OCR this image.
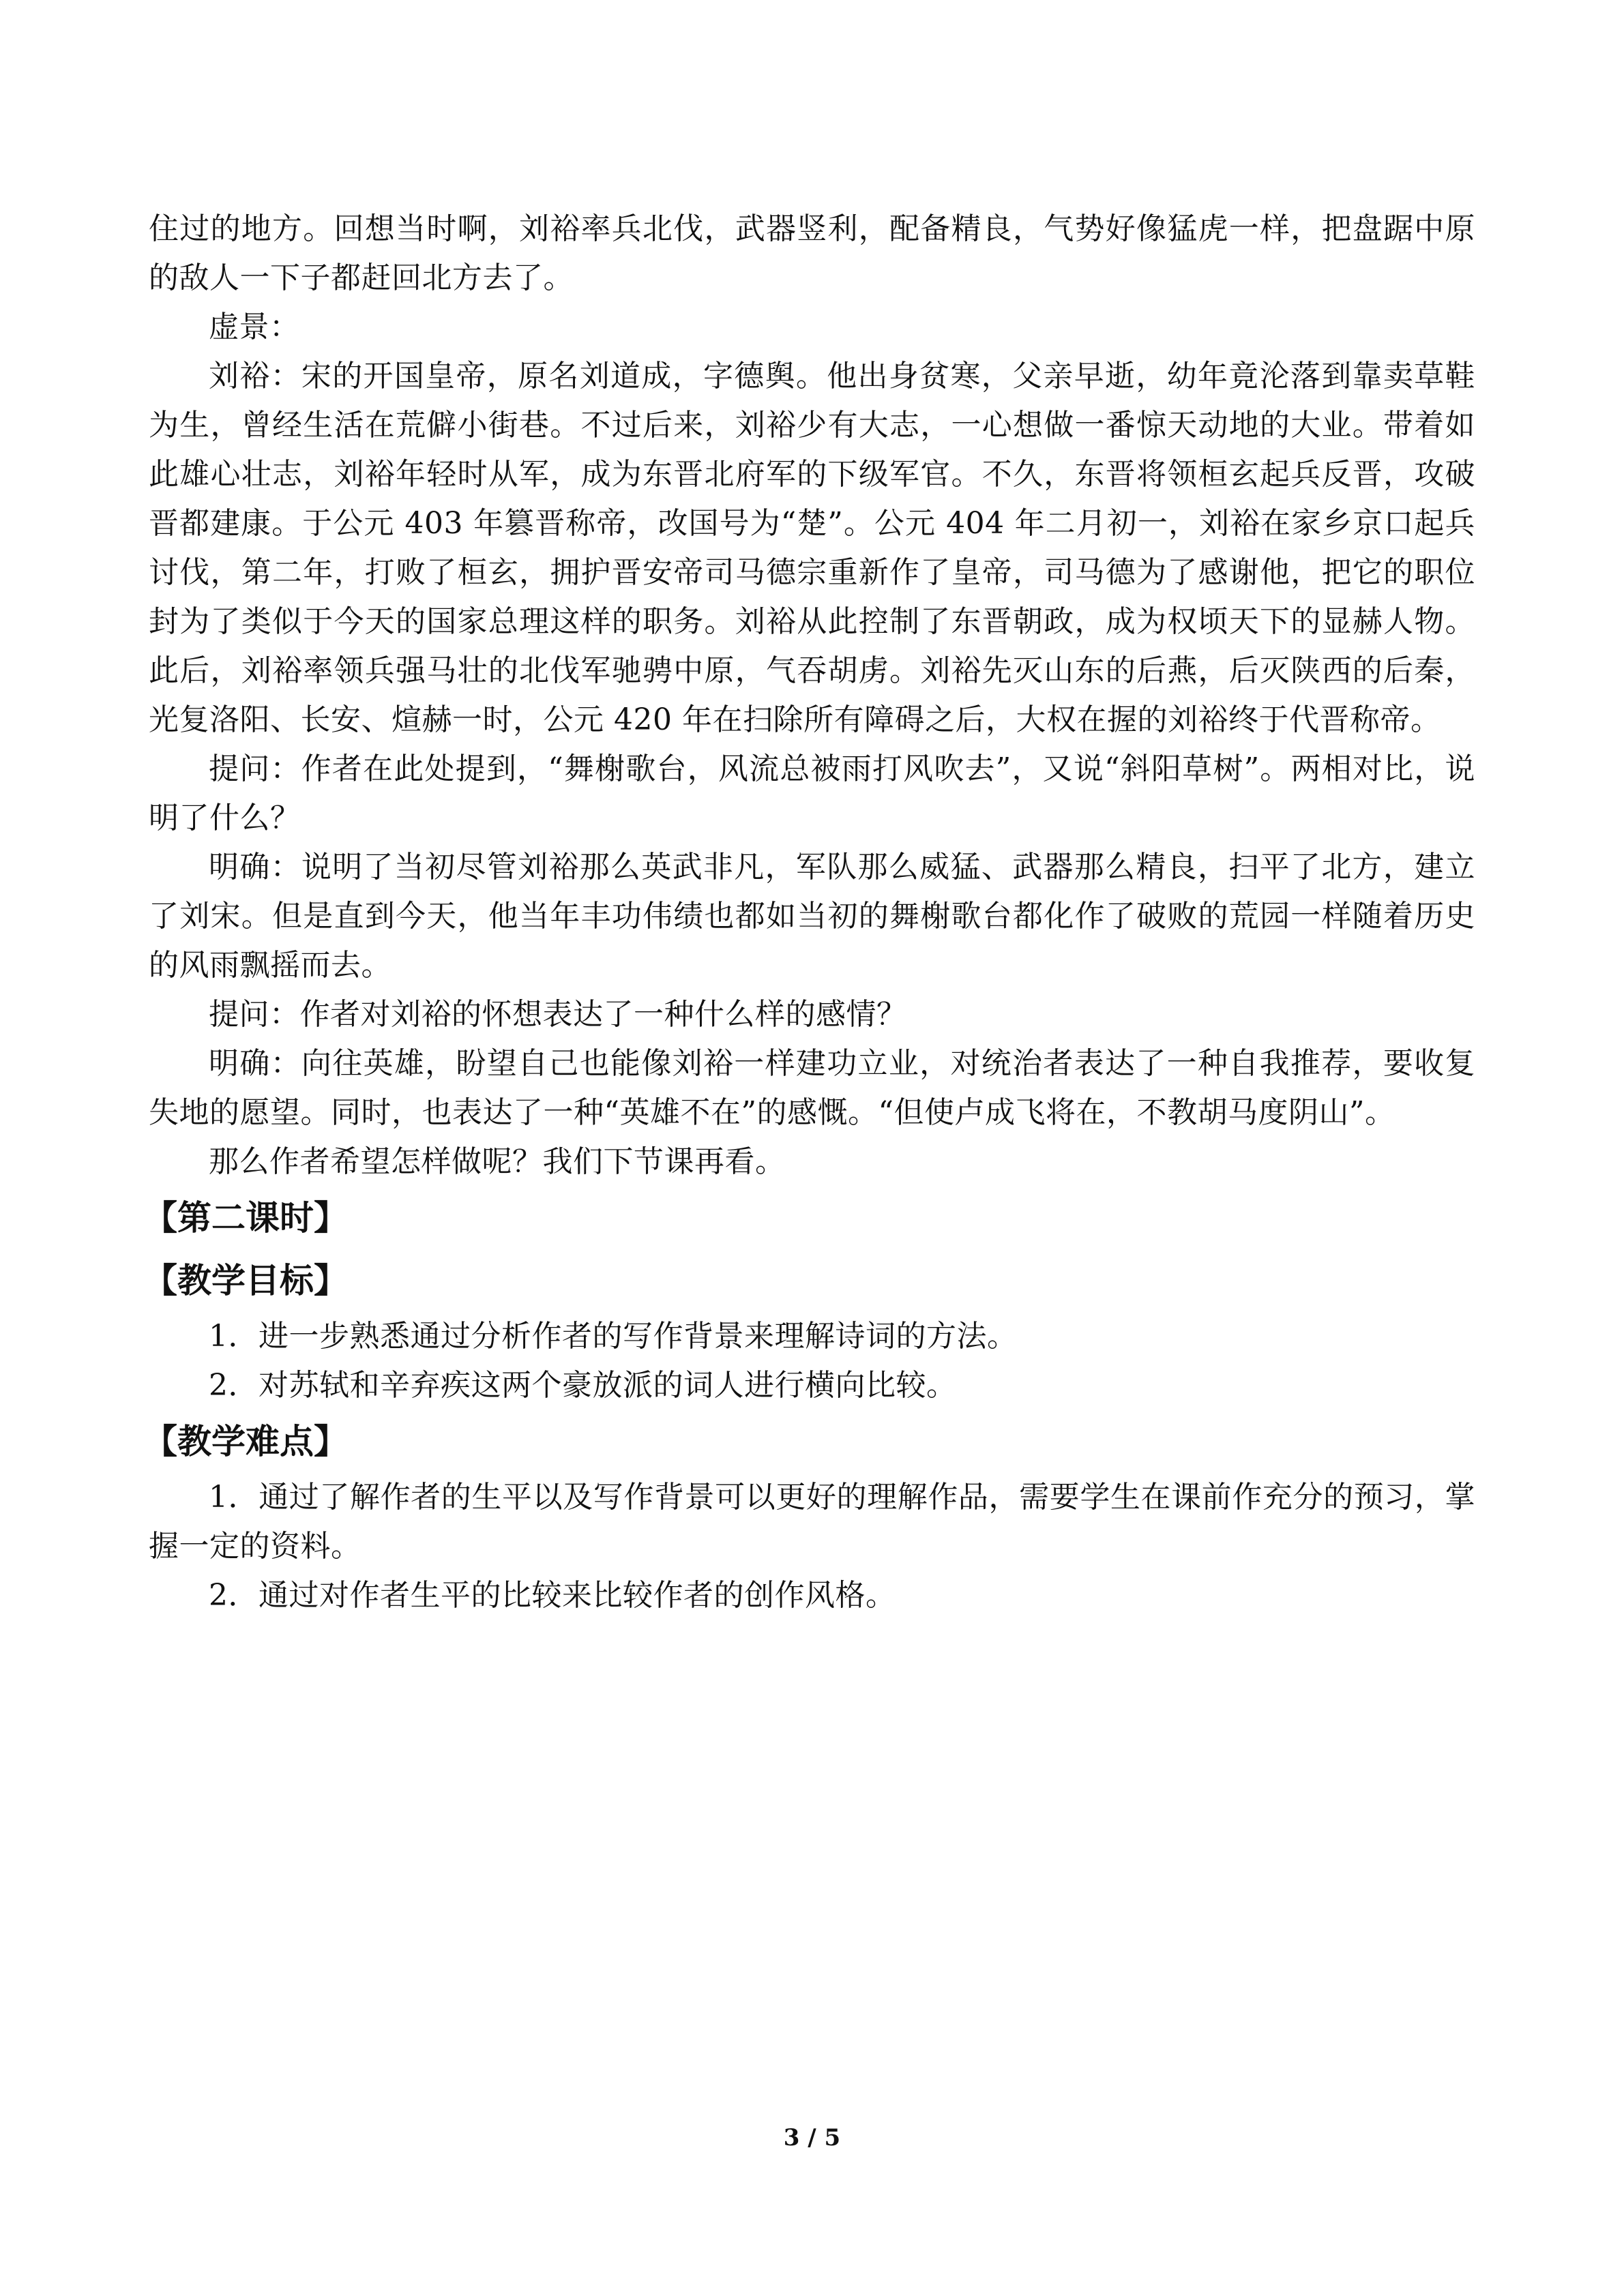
住过的地方。回想当时啊，刘裕率兵北伐，武器竖利，配备精良，气势好像猛虎一样，把盘踞中原的敌人一下子都赶回北方去了。

虚景：

刘裕：宋的开国皇帝，原名刘道成，字德舆。他出身贫寒，父亲早逝，幼年竟沦落到靠卖草鞋为生，曾经生活在荒僻小街巷。不过后来，刘裕少有大志，一心想做一番惊天动地的大业。带着如此雄心壮志，刘裕年轻时从军，成为东晋北府军的下级军官。不久，东晋将领桓玄起兵反晋，攻破晋都建康。于公元 403 年篡晋称帝，改国号为“楚”。公元 404 年二月初一，刘裕在家乡京口起兵讨伐，第二年，打败了桓玄，拥护晋安帝司马德宗重新作了皇帝，司马德为了感谢他，把它的职位封为了类似于今天的国家总理这样的职务。刘裕从此控制了东晋朝政，成为权顷天下的显赫人物。此后，刘裕率领兵强马壮的北伐军驰骋中原，气吞胡虏。刘裕先灭山东的后燕，后灭陕西的后秦，光复洛阳、长安、煊赫一时，公元 420 年在扫除所有障碍之后，大权在握的刘裕终于代晋称帝。

提问：作者在此处提到，“舞榭歌台，风流总被雨打风吹去”，又说“斜阳草树”。两相对比，说明了什么？

明确：说明了当初尽管刘裕那么英武非凡，军队那么威猛、武器那么精良，扫平了北方，建立了刘宋。但是直到今天，他当年丰功伟绩也都如当初的舞榭歌台都化作了破败的荒园一样随着历史的风雨飘摇而去。

提问：作者对刘裕的怀想表达了一种什么样的感情？

明确：向往英雄，盼望自己也能像刘裕一样建功立业，对统治者表达了一种自我推荐，要收复失地的愿望。同时，也表达了一种“英雄不在”的感慨。“但使卢成飞将在，不教胡马度阴山”。

那么作者希望怎样做呢？我们下节课再看。

【第二课时】
【教学目标】

1．进一步熟悉通过分析作者的写作背景来理解诗词的方法。

2．对苏轼和辛弃疾这两个豪放派的词人进行横向比较。

【教学难点】

1．通过了解作者的生平以及写作背景可以更好的理解作品，需要学生在课前作充分的预习，掌握一定的资料。

2．通过对作者生平的比较来比较作者的创作风格。

3 / 5
